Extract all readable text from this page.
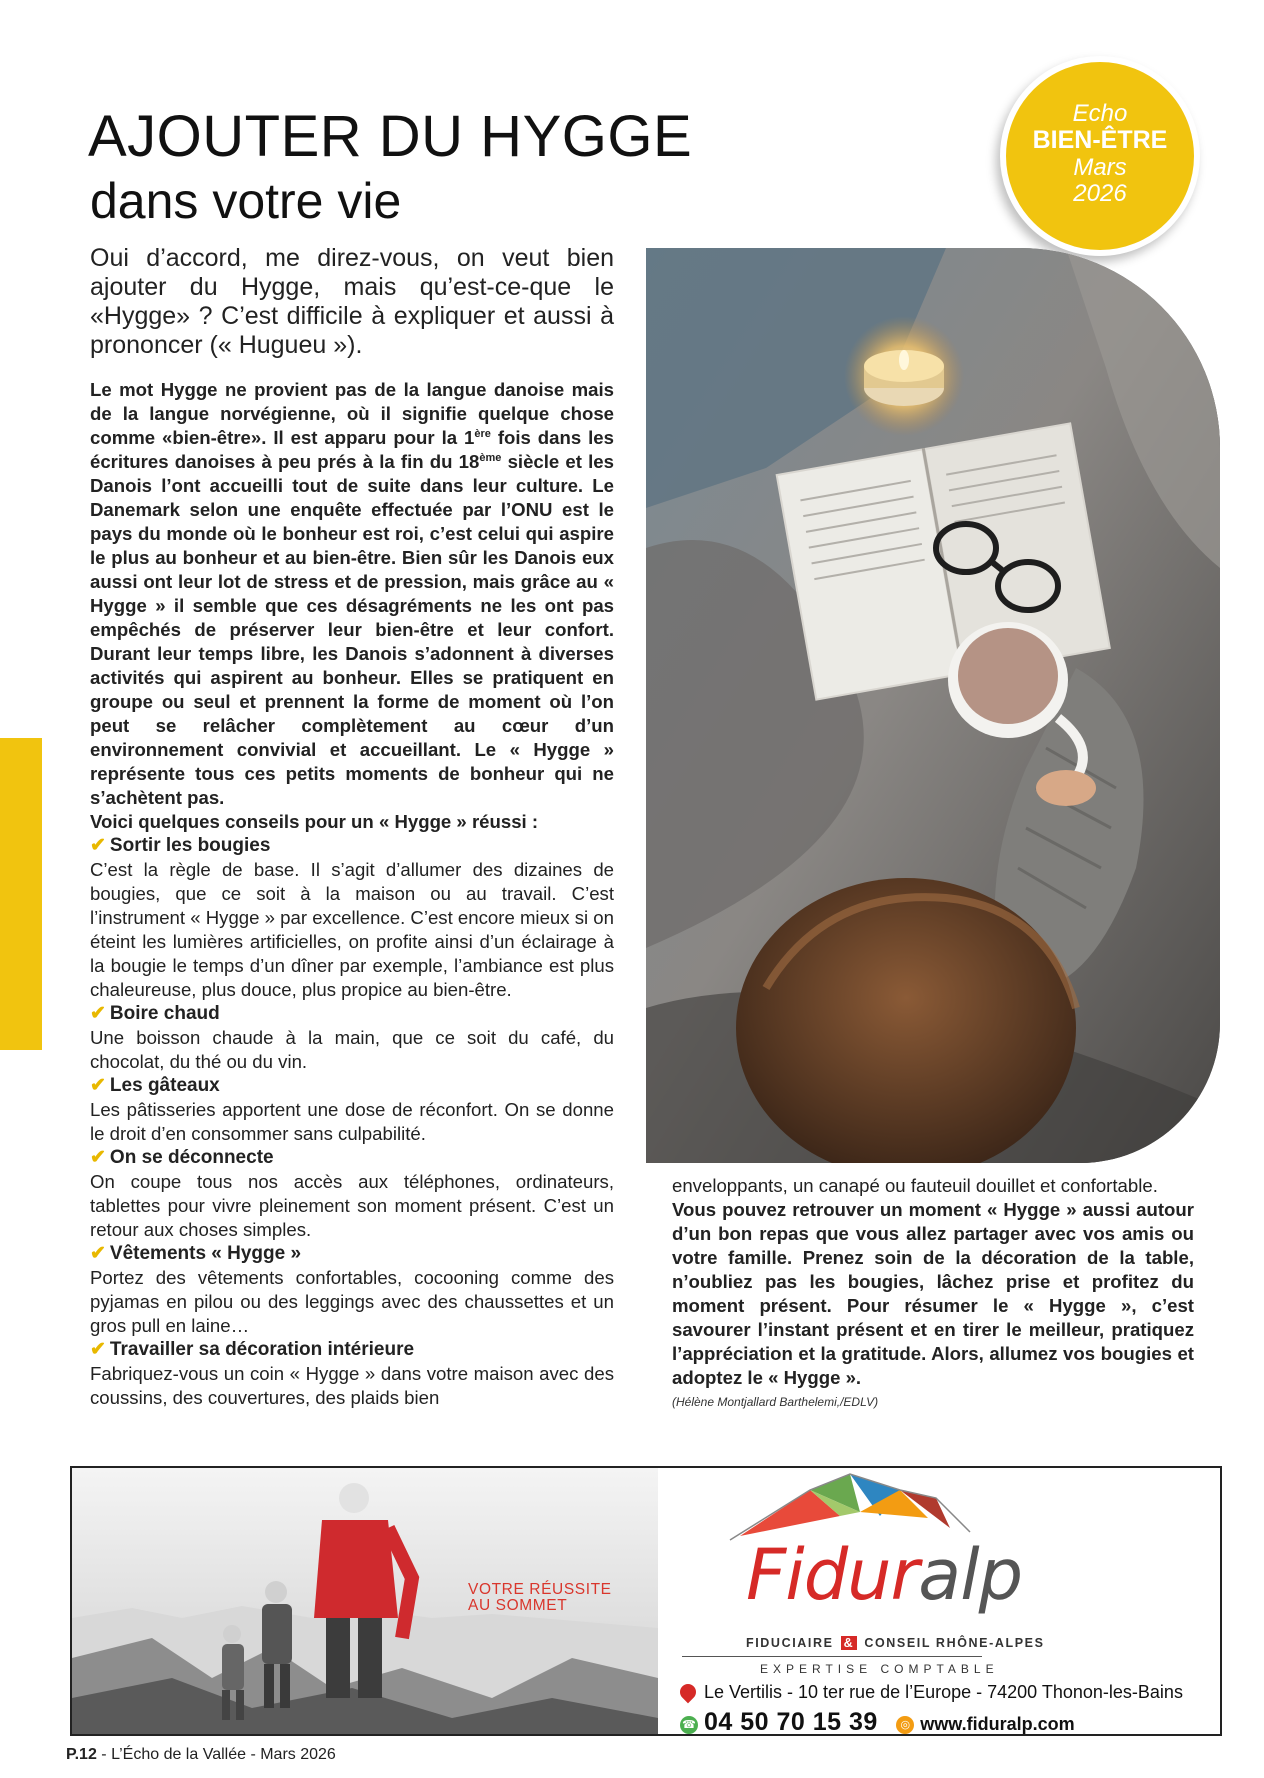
AJOUTER DU HYGGE
dans votre vie
Echo
BIEN-ÊTRE
Mars
2026

Oui d’accord, me direz-vous, on veut bien ajouter du Hygge, mais qu’est-ce-que le «Hygge» ? C’est difficile à expliquer et aussi à prononcer (« Hugueu »).

Le mot Hygge ne provient pas de la langue danoise mais de la langue norvégienne, où il signifie quelque chose comme «bien-être». Il est apparu pour la 1ère fois dans les écritures danoises à peu prés à la fin du 18ème siècle et les Danois l’ont accueilli tout de suite dans leur culture. Le Danemark selon une enquête effectuée par l’ONU est le pays du monde où le bonheur est roi, c’est celui qui aspire le plus au bonheur et au bien-être. Bien sûr les Danois eux aussi ont leur lot de stress et de pression, mais grâce au « Hygge » il semble que ces désagréments ne les ont pas empêchés de préserver leur bien-être et leur confort. Durant leur temps libre, les Danois s’adonnent à diverses activités qui aspirent au bonheur. Elles se pratiquent en groupe ou seul et prennent la forme de moment où l’on peut se relâcher complètement au cœur d’un environnement convivial et accueillant. Le « Hygge » représente tous ces petits moments de bonheur qui ne s’achètent pas.

Voici quelques conseils pour un « Hygge » réussi :

✔ Sortir les bougies

C’est la règle de base. Il s’agit d’allumer des dizaines de bougies, que ce soit à la maison ou au travail. C’est l’instrument « Hygge » par excellence. C’est encore mieux si on éteint les lumières artificielles, on profite ainsi d’un éclairage à la bougie le temps d’un dîner par exemple, l’ambiance est plus chaleureuse, plus douce, plus propice au bien-être.

✔ Boire chaud

Une boisson chaude à la main, que ce soit du café, du chocolat, du thé ou du vin.

✔ Les gâteaux

Les pâtisseries apportent une dose de réconfort. On se donne le droit d’en consommer sans culpabilité.

✔ On se déconnecte

On coupe tous nos accès aux téléphones, ordinateurs, tablettes pour vivre pleinement son moment présent. C’est un retour aux choses simples.

✔ Vêtements « Hygge »

Portez des vêtements confortables, cocooning comme des pyjamas en pilou ou des leggings avec des chaussettes et un gros pull en laine…

✔ Travailler sa décoration intérieure

Fabriquez-vous un coin « Hygge » dans votre maison avec des coussins, des couvertures, des plaids bien

enveloppants, un canapé ou fauteuil douillet et confortable.

Vous pouvez retrouver un moment « Hygge » aussi autour d’un bon repas que vous allez partager avec vos amis ou votre famille. Prenez soin de la décoration de la table, n’oubliez pas les bougies, lâchez prise et profitez du moment présent. Pour résumer le « Hygge », c’est savourer l’instant présent et en tirer le meilleur, pratiquez l’appréciation et la gratitude. Alors, allumez vos bougies et adoptez le « Hygge ».

(Hélène Montjallard Barthelemi,/EDLV)

VOTRE RÉUSSITE
AU SOMMET	Fiduralp
FIDUCIAIRE & CONSEIL RHÔNE-ALPES
EXPERTISE COMPTABLE
Le Vertilis - 10 ter rue de l’Europe - 74200 Thonon-les-Bains
☎ 04 50 70 15 39 ◎ www.fiduralp.com
P.12 - L’Écho de la Vallée - Mars 2026
